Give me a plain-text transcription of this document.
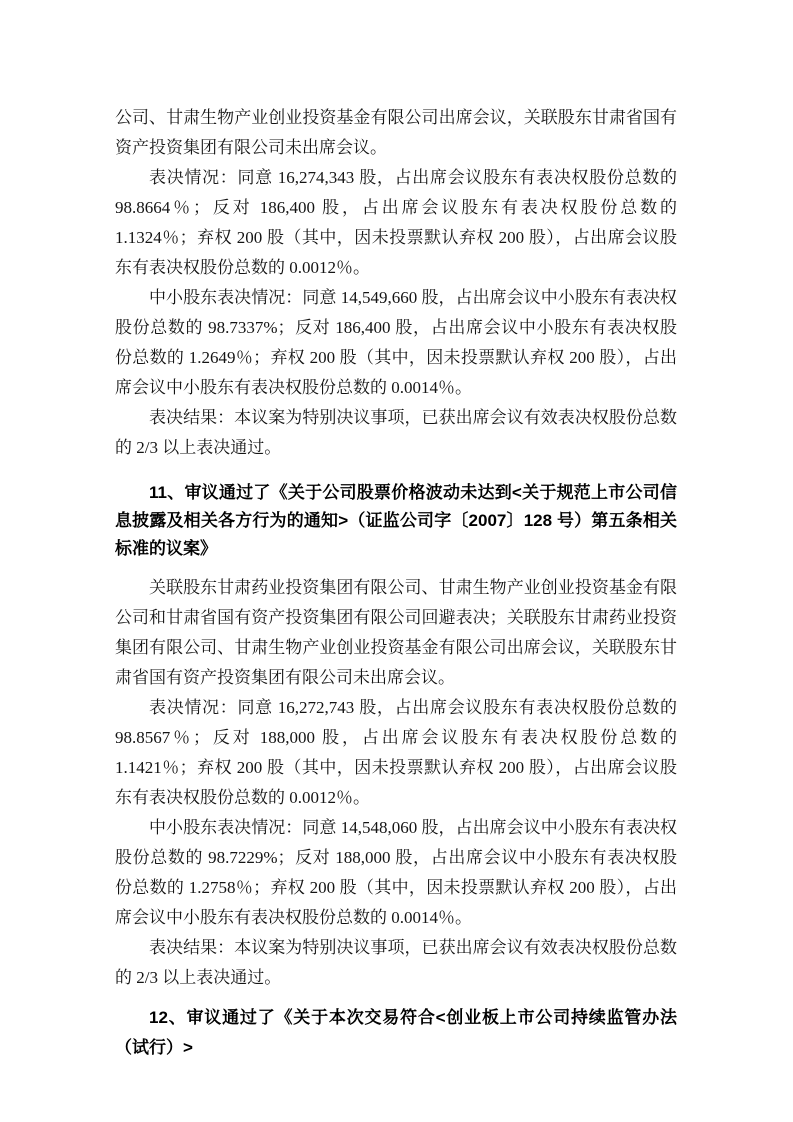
公司、甘肃生物产业创业投资基金有限公司出席会议，关联股东甘肃省国有资产投资集团有限公司未出席会议。

表决情况：同意 16,274,343 股，占出席会议股东有表决权股份总数的 98.8664％；反对 186,400 股，占出席会议股东有表决权股份总数的 1.1324％；弃权 200 股（其中，因未投票默认弃权 200 股），占出席会议股东有表决权股份总数的 0.0012％。

中小股东表决情况：同意 14,549,660 股，占出席会议中小股东有表决权股份总数的 98.7337%；反对 186,400 股，占出席会议中小股东有表决权股份总数的 1.2649％；弃权 200 股（其中，因未投票默认弃权 200 股），占出席会议中小股东有表决权股份总数的 0.0014％。

表决结果：本议案为特别决议事项，已获出席会议有效表决权股份总数的 2/3 以上表决通过。

11、审议通过了《关于公司股票价格波动未达到<关于规范上市公司信息披露及相关各方行为的通知>（证监公司字〔2007〕128 号）第五条相关标准的议案》

关联股东甘肃药业投资集团有限公司、甘肃生物产业创业投资基金有限公司和甘肃省国有资产投资集团有限公司回避表决；关联股东甘肃药业投资集团有限公司、甘肃生物产业创业投资基金有限公司出席会议，关联股东甘肃省国有资产投资集团有限公司未出席会议。

表决情况：同意 16,272,743 股，占出席会议股东有表决权股份总数的 98.8567％；反对 188,000 股，占出席会议股东有表决权股份总数的 1.1421％；弃权 200 股（其中，因未投票默认弃权 200 股），占出席会议股东有表决权股份总数的 0.0012％。

中小股东表决情况：同意 14,548,060 股，占出席会议中小股东有表决权股份总数的 98.7229%；反对 188,000 股，占出席会议中小股东有表决权股份总数的 1.2758％；弃权 200 股（其中，因未投票默认弃权 200 股），占出席会议中小股东有表决权股份总数的 0.0014％。

表决结果：本议案为特别决议事项，已获出席会议有效表决权股份总数的 2/3 以上表决通过。

12、审议通过了《关于本次交易符合<创业板上市公司持续监管办法（试行）>
